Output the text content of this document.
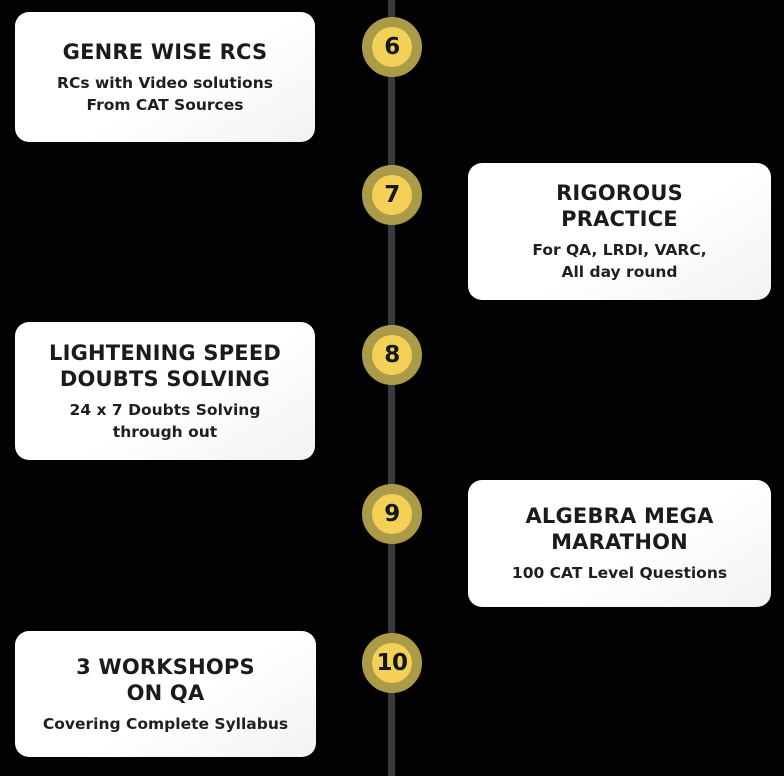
6
7
8
9
10
GENRE WISE RCS
RCs with Video solutions
From CAT Sources
RIGOROUS
PRACTICE
For QA, LRDI, VARC,
All day round
LIGHTENING SPEED
DOUBTS SOLVING
24 x 7 Doubts Solving
through out
ALGEBRA MEGA
MARATHON
100 CAT Level Questions
3 WORKSHOPS
ON QA
Covering Complete Syllabus
